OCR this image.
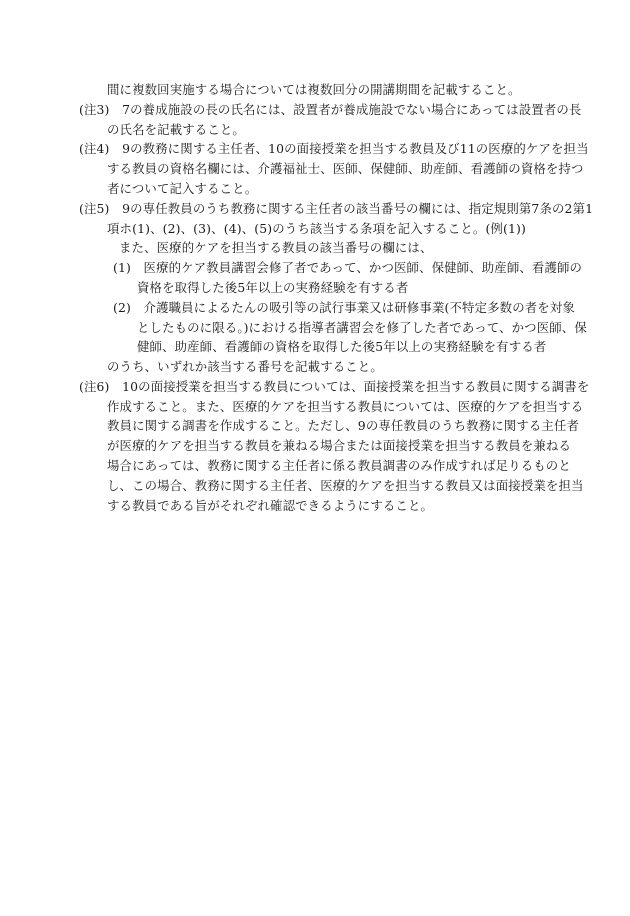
間に複数回実施する場合については複数回分の開講期間を記載すること。
(注3)　7の養成施設の長の氏名には、設置者が養成施設でない場合にあっては設置者の長
の氏名を記載すること。
(注4)　9の教務に関する主任者、10の面接授業を担当する教員及び11の医療的ケアを担当
する教員の資格名欄には、介護福祉士、医師、保健師、助産師、看護師の資格を持つ
者について記入すること。
(注5)　9の専任教員のうち教務に関する主任者の該当番号の欄には、指定規則第7条の2第1
項ホ(1)、(2)、(3)、(4)、(5)のうち該当する条項を記入すること。(例(1))
また、医療的ケアを担当する教員の該当番号の欄には、
(1)　医療的ケア教員講習会修了者であって、かつ医師、保健師、助産師、看護師の
資格を取得した後5年以上の実務経験を有する者
(2)　介護職員によるたんの吸引等の試行事業又は研修事業(不特定多数の者を対象
としたものに限る。)における指導者講習会を修了した者であって、かつ医師、保
健師、助産師、看護師の資格を取得した後5年以上の実務経験を有する者
のうち、いずれか該当する番号を記載すること。
(注6)　10の面接授業を担当する教員については、面接授業を担当する教員に関する調書を
作成すること。また、医療的ケアを担当する教員については、医療的ケアを担当する
教員に関する調書を作成すること。ただし、9の専任教員のうち教務に関する主任者
が医療的ケアを担当する教員を兼ねる場合または面接授業を担当する教員を兼ねる
場合にあっては、教務に関する主任者に係る教員調書のみ作成すれば足りるものと
し、この場合、教務に関する主任者、医療的ケアを担当する教員又は面接授業を担当
する教員である旨がそれぞれ確認できるようにすること。
